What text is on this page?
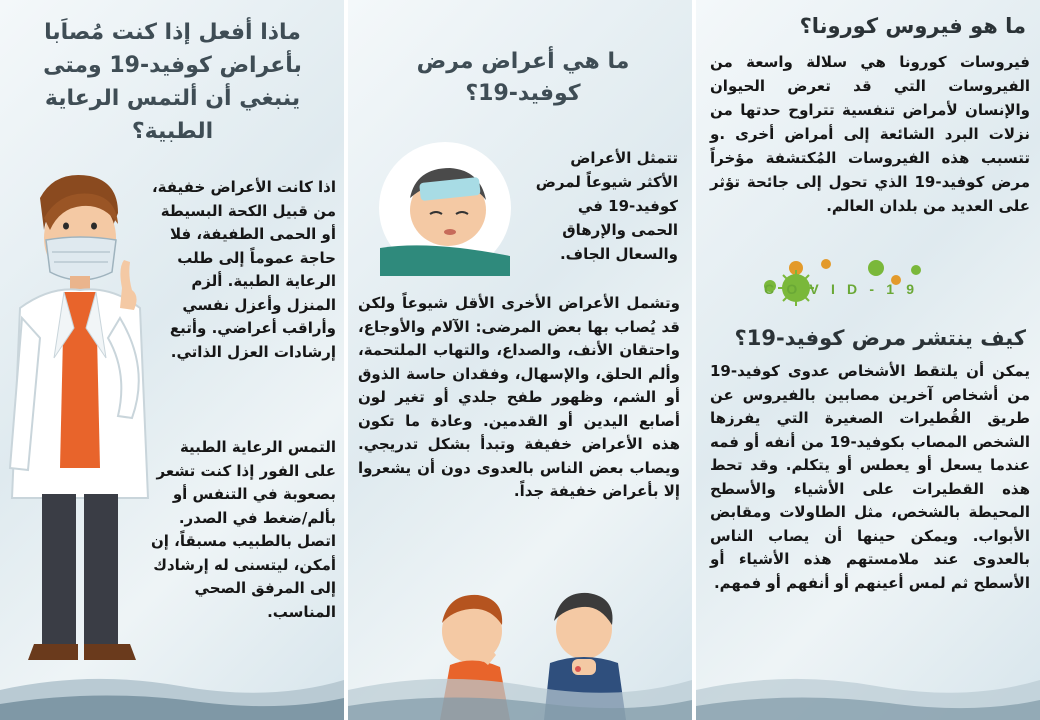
ماذا أفعل إذا كنت مُصاَبا بأعراض كوفيد-19 ومتى ينبغي أن ألتمس الرعاية الطبية؟
اذا كانت الأعراض خفيفة، من قبيل الكحة البسيطة أو الحمى الطفيفة، فلا حاجة عموماً إلى طلب الرعاية الطبية. ألزم المنزل وأعزل نفسي وأراقب أعراضي. وأتبع إرشادات العزل الذاتي.
التمس الرعاية الطبية على الفور إذا كنت تشعر بصعوبة في التنفس أو بألم/ضغط في الصدر. اتصل بالطبيب مسبقاً، إن أمكن، ليتسنى له إرشادك إلى المرفق الصحي المناسب.
ما هي أعراض مرض كوفيد-19؟
تتمثل الأعراض الأكثر شيوعاً لمرض كوفيد-19 في الحمى والإرهاق والسعال الجاف.
وتشمل الأعراض الأخرى الأقل شيوعاً ولكن قد يُصاب بها بعض المرضى: الآلام والأوجاع، واحتقان الأنف، والصداع، والتهاب الملتحمة، وألم الحلق، والإسهال، وفقدان حاسة الذوق أو الشم، وظهور طفح جلدي أو تغير لون أصابع اليدين أو القدمين. وعادة ما تكون هذه الأعراض خفيفة وتبدأ بشكل تدريجي. ويصاب بعض الناس بالعدوى دون أن يشعروا إلا بأعراض خفيفة جداً.
ما هو فيروس كورونا؟
فيروسات كورونا هي سلالة واسعة من الفيروسات التي قد تعرض الحيوان والإنسان لأمراض تنفسية تتراوح حدتها من نزلات البرد الشائعة إلى أمراض أخرى .و تتسبب هذه الفيروسات المُكتشفة مؤخراً مرض كوفيد-19 الذي تحول إلى جائحة تؤثر على العديد من بلدان العالم.
COVID-19
كيف ينتشر مرض كوفيد-19؟
يمكن أن يلتقط الأشخاص عدوى كوفيد-19 من أشخاص آخرين مصابين بالفيروس عن طريق القُطيرات الصغيرة التي يفرزها الشخص المصاب بكوفيد-19 من أنفه أو فمه عندما يسعل أو يعطس أو يتكلم. وقد تحط هذه القطيرات على الأشياء والأسطح المحيطة بالشخص، مثل الطاولات ومقابض الأبواب. ويمكن حينها أن يصاب الناس بالعدوى عند ملامستهم هذه الأشياء أو الأسطح ثم لمس أعينهم أو أنفهم أو فمهم.
